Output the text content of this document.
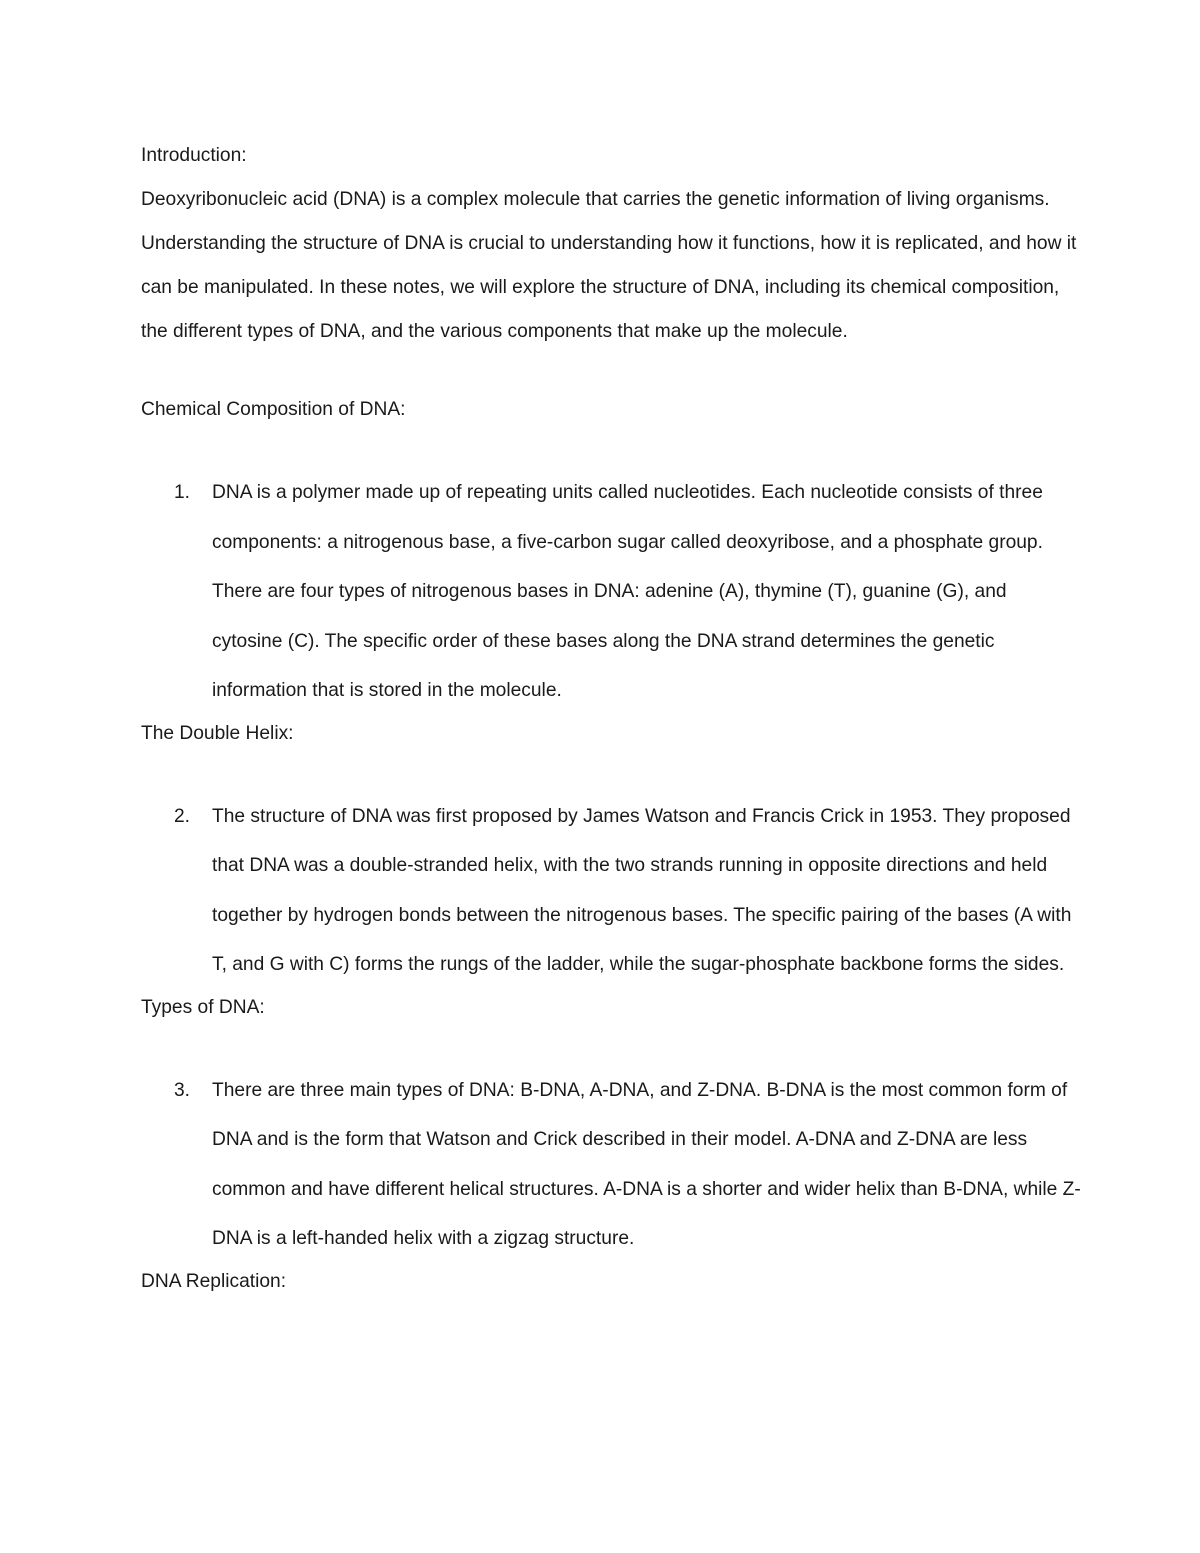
Introduction:

Deoxyribonucleic acid (DNA) is a complex molecule that carries the genetic information of living organisms. Understanding the structure of DNA is crucial to understanding how it functions, how it is replicated, and how it can be manipulated. In these notes, we will explore the structure of DNA, including its chemical composition, the different types of DNA, and the various components that make up the molecule.

Chemical Composition of DNA:

1. DNA is a polymer made up of repeating units called nucleotides. Each nucleotide consists of three components: a nitrogenous base, a five-carbon sugar called deoxyribose, and a phosphate group. There are four types of nitrogenous bases in DNA: adenine (A), thymine (T), guanine (G), and cytosine (C). The specific order of these bases along the DNA strand determines the genetic information that is stored in the molecule.

The Double Helix:

2. The structure of DNA was first proposed by James Watson and Francis Crick in 1953. They proposed that DNA was a double-stranded helix, with the two strands running in opposite directions and held together by hydrogen bonds between the nitrogenous bases. The specific pairing of the bases (A with T, and G with C) forms the rungs of the ladder, while the sugar-phosphate backbone forms the sides.

Types of DNA:

3. There are three main types of DNA: B-DNA, A-DNA, and Z-DNA. B-DNA is the most common form of DNA and is the form that Watson and Crick described in their model. A-DNA and Z-DNA are less common and have different helical structures. A-DNA is a shorter and wider helix than B-DNA, while Z-DNA is a left-handed helix with a zigzag structure.

DNA Replication:
